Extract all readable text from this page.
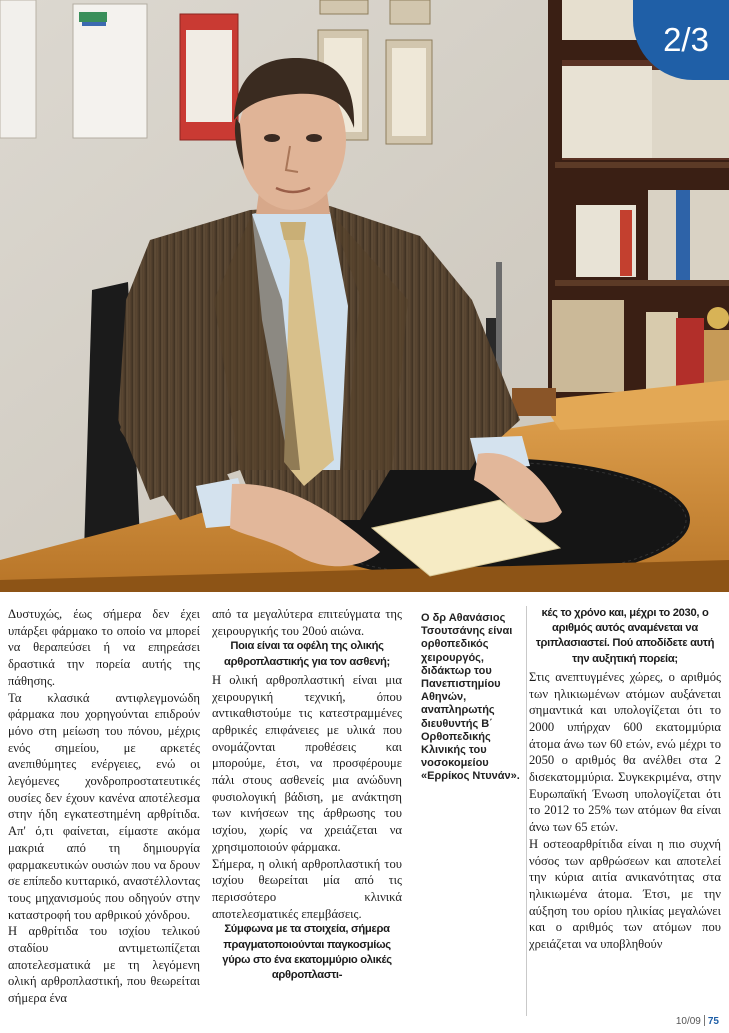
2/3

Δυστυχώς, έως σήμερα δεν έχει υπάρξει φάρμακο το οποίο να μπορεί να θεραπεύσει ή να επηρεάσει δραστικά την πορεία αυτής της πάθησης.

Τα κλασικά αντιφλεγμονώδη φάρμακα που χορηγούνται επιδρούν μόνο στη μείωση του πόνου, μέχρις ενός σημείου, με αρκετές ανεπιθύμητες ενέργειες, ενώ οι λεγόμενες χονδροπροστατευτικές ουσίες δεν έχουν κανένα αποτέλεσμα στην ήδη εγκατεστημένη αρθρίτιδα. Απ' ό,τι φαίνεται, είμαστε ακόμα μακριά από τη δημιουργία φαρμακευτικών ουσιών που να δρουν σε επίπεδο κυτταρικό, αναστέλλοντας τους μηχανισμούς που οδηγούν στην καταστροφή του αρθρικού χόνδρου.

Η αρθρίτιδα του ισχίου τελικού σταδίου αντιμετωπίζεται αποτελεσματικά με τη λεγόμενη ολική αρθροπλαστική, που θεωρείται σήμερα ένα

από τα μεγαλύτερα επιτεύγματα της χειρουργικής του 20ού αιώνα.

Ποια είναι τα οφέλη της ολικής αρθροπλαστικής για τον ασθενή;

Η ολική αρθροπλαστική είναι μια χειρουργική τεχνική, όπου αντικαθιστούμε τις κατεστραμμένες αρθρικές επιφάνειες με υλικά που ονομάζονται προθέσεις και μπορούμε, έτσι, να προσφέρουμε πάλι στους ασθενείς μια ανώδυνη φυσιολογική βάδιση, με ανάκτηση των κινήσεων της άρθρωσης του ισχίου, χωρίς να χρειάζεται να χρησιμοποιούν φάρμακα.

Σήμερα, η ολική αρθροπλαστική του ισχίου θεωρείται μία από τις περισσότερο κλινικά αποτελεσματικές επεμβάσεις.

Σύμφωνα με τα στοιχεία, σήμερα πραγματοποιούνται παγκοσμίως γύρω στο ένα εκατομμύριο ολικές αρθροπλαστι-

Ο δρ Αθανάσιος Τσουτσάνης είναι ορθοπεδικός χειρουργός, διδάκτωρ του Πανεπιστημίου Αθηνών, αναπληρωτής διευθυντής Β΄ Ορθοπεδικής Κλινικής του νοσοκομείου «Ερρίκος Ντυνάν».

κές το χρόνο και, μέχρι το 2030, ο αριθμός αυτός αναμένεται να τριπλασιαστεί. Πού αποδίδετε αυτή την αυξητική πορεία;

Στις ανεπτυγμένες χώρες, ο αριθμός των ηλικιωμένων ατόμων αυξάνεται σημαντικά και υπολογίζεται ότι το 2000 υπήρχαν 600 εκατομμύρια άτομα άνω των 60 ετών, ενώ μέχρι το 2050 ο αριθμός θα ανέλθει στα 2 δισεκατομμύρια. Συγκεκριμένα, στην Ευρωπαϊκή Ένωση υπολογίζεται ότι το 2012 το 25% των ατόμων θα είναι άνω των 65 ετών.

Η οστεοαρθρίτιδα είναι η πιο συχνή νόσος των αρθρώσεων και αποτελεί την κύρια αιτία ανικανότητας στα ηλικιωμένα άτομα. Έτσι, με την αύξηση του ορίου ηλικίας μεγαλώνει και ο αριθμός των ατόμων που χρειάζεται να υποβληθούν

10/09 75
